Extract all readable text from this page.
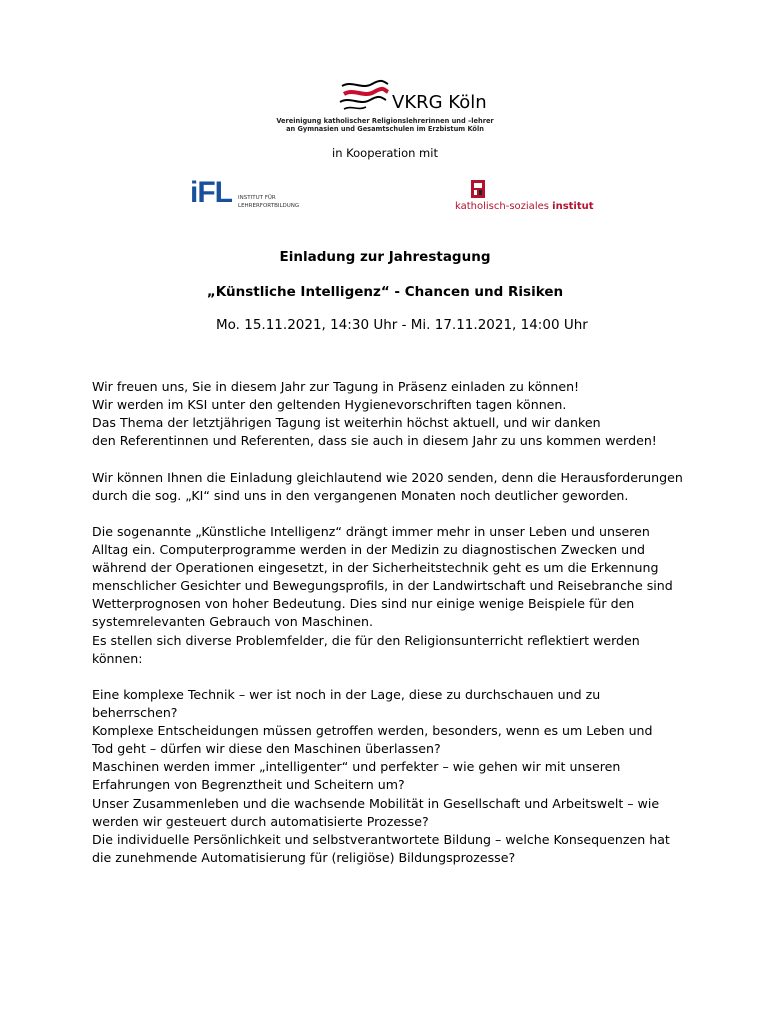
VKRG Köln
Vereinigung katholischer Religionslehrerinnen und –lehrer
an Gymnasien und Gesamtschulen im Erzbistum Köln
in Kooperation mit
iFL INSTITUT FÜR
LEHRERFORTBILDUNG	katholisch-soziales institut
Einladung zur Jahrestagung
„Künstliche Intelligenz“ - Chancen und Risiken
Mo. 15.11.2021, 14:30 Uhr - Mi. 17.11.2021, 14:00 Uhr
Wir freuen uns, Sie in diesem Jahr zur Tagung in Präsenz einladen zu können!
Wir werden im KSI unter den geltenden Hygienevorschriften tagen können.
Das Thema der letztjährigen Tagung ist weiterhin höchst aktuell, und wir danken
den Referentinnen und Referenten, dass sie auch in diesem Jahr zu uns kommen werden!
Wir können Ihnen die Einladung gleichlautend wie 2020 senden, denn die Herausforderungen
durch die sog. „KI“ sind uns in den vergangenen Monaten noch deutlicher geworden.
Die sogenannte „Künstliche Intelligenz“ drängt immer mehr in unser Leben und unseren
Alltag ein. Computerprogramme werden in der Medizin zu diagnostischen Zwecken und
während der Operationen eingesetzt, in der Sicherheitstechnik geht es um die Erkennung
menschlicher Gesichter und Bewegungsprofils, in der Landwirtschaft und Reisebranche sind
Wetterprognosen von hoher Bedeutung. Dies sind nur einige wenige Beispiele für den
systemrelevanten Gebrauch von Maschinen.
Es stellen sich diverse Problemfelder, die für den Religionsunterricht reflektiert werden
können:
Eine komplexe Technik – wer ist noch in der Lage, diese zu durchschauen und zu
beherrschen?
Komplexe Entscheidungen müssen getroffen werden, besonders, wenn es um Leben und
Tod geht – dürfen wir diese den Maschinen überlassen?
Maschinen werden immer „intelligenter“ und perfekter – wie gehen wir mit unseren
Erfahrungen von Begrenztheit und Scheitern um?
Unser Zusammenleben und die wachsende Mobilität in Gesellschaft und Arbeitswelt – wie
werden wir gesteuert durch automatisierte Prozesse?
Die individuelle Persönlichkeit und selbstverantwortete Bildung – welche Konsequenzen hat
die zunehmende Automatisierung für (religiöse) Bildungsprozesse?
